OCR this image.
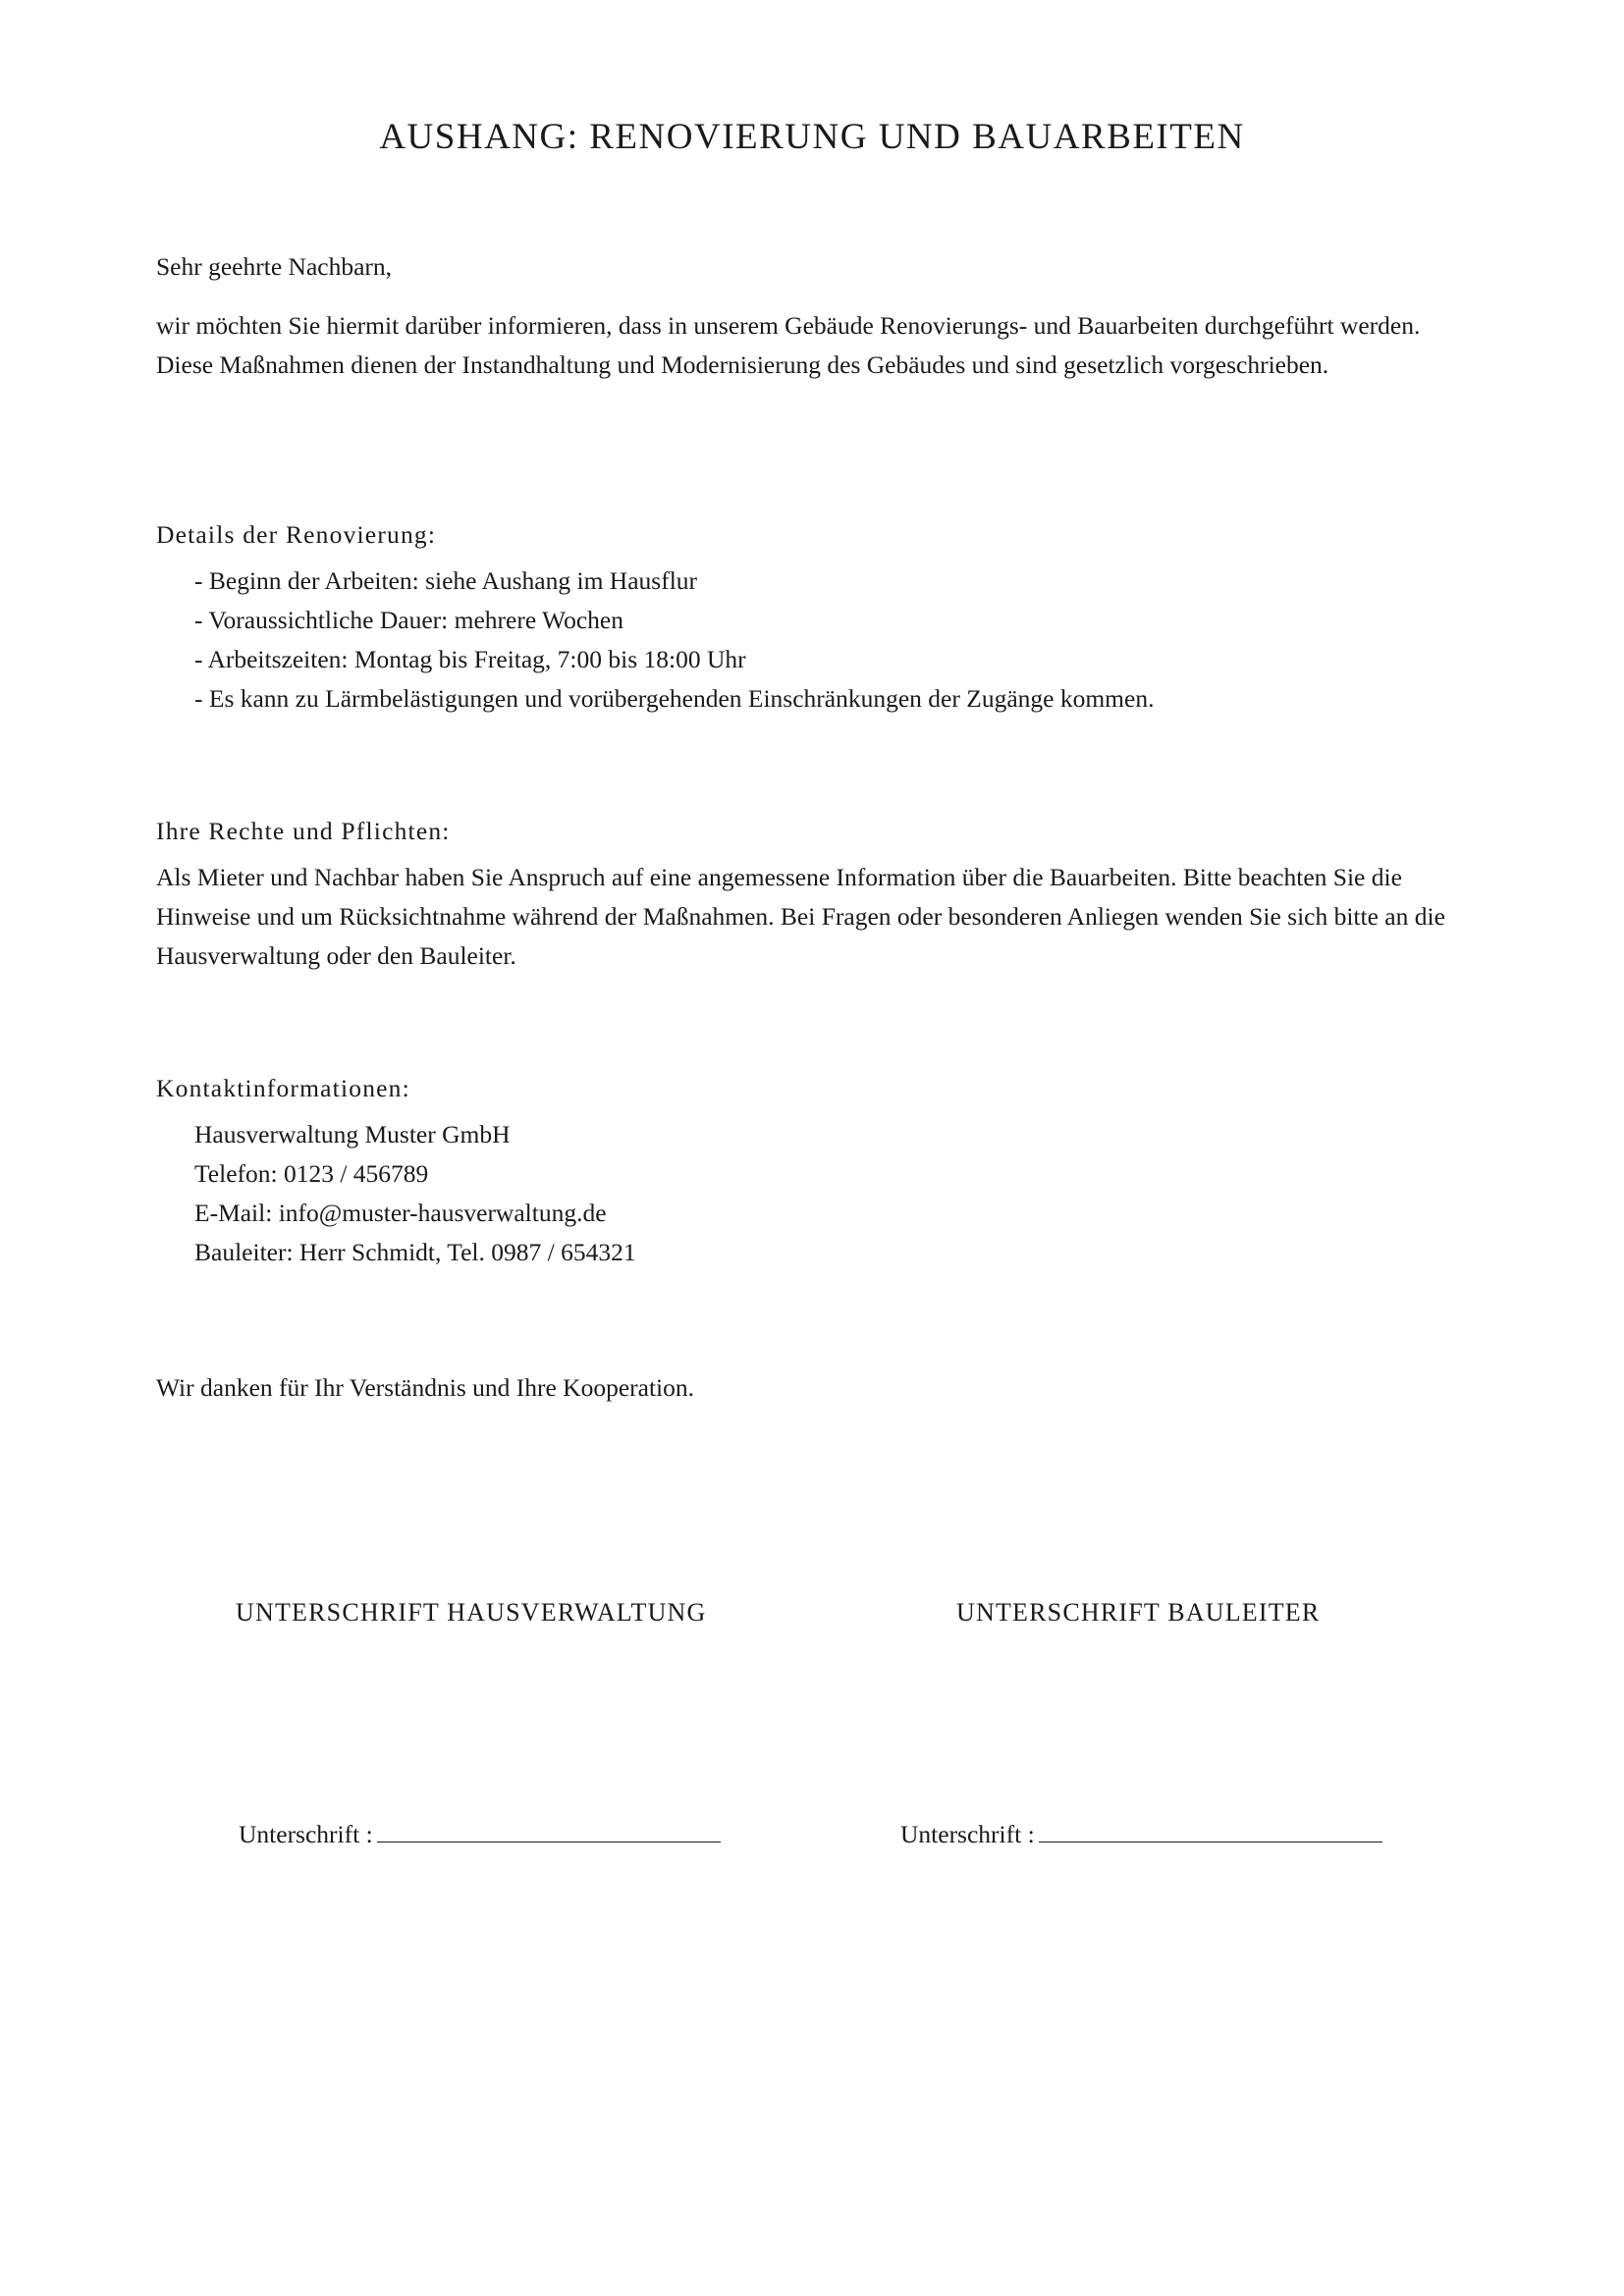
AUSHANG: RENOVIERUNG UND BAUARBEITEN

Sehr geehrte Nachbarn,

wir möchten Sie hiermit darüber informieren, dass in unserem Gebäude Renovierungs- und Bauarbeiten durchgeführt werden. Diese Maßnahmen dienen der Instandhaltung und Modernisierung des Gebäudes und sind gesetzlich vorgeschrieben.

Details der Renovierung:

- Beginn der Arbeiten: siehe Aushang im Hausflur
- Voraussichtliche Dauer: mehrere Wochen
- Arbeitszeiten: Montag bis Freitag, 7:00 bis 18:00 Uhr
- Es kann zu Lärmbelästigungen und vorübergehenden Einschränkungen der Zugänge kommen.

Ihre Rechte und Pflichten:

Als Mieter und Nachbar haben Sie Anspruch auf eine angemessene Information über die Bauarbeiten. Bitte beachten Sie die Hinweise und um Rücksichtnahme während der Maßnahmen. Bei Fragen oder besonderen Anliegen wenden Sie sich bitte an die Hausverwaltung oder den Bauleiter.

Kontaktinformationen:

Hausverwaltung Muster GmbH
Telefon: 0123 / 456789
E-Mail: info@muster-hausverwaltung.de
Bauleiter: Herr Schmidt, Tel. 0987 / 654321

Wir danken für Ihr Verständnis und Ihre Kooperation.

UNTERSCHRIFT HAUSVERWALTUNG	UNTERSCHRIFT BAULEITER

Unterschrift :	Unterschrift :
